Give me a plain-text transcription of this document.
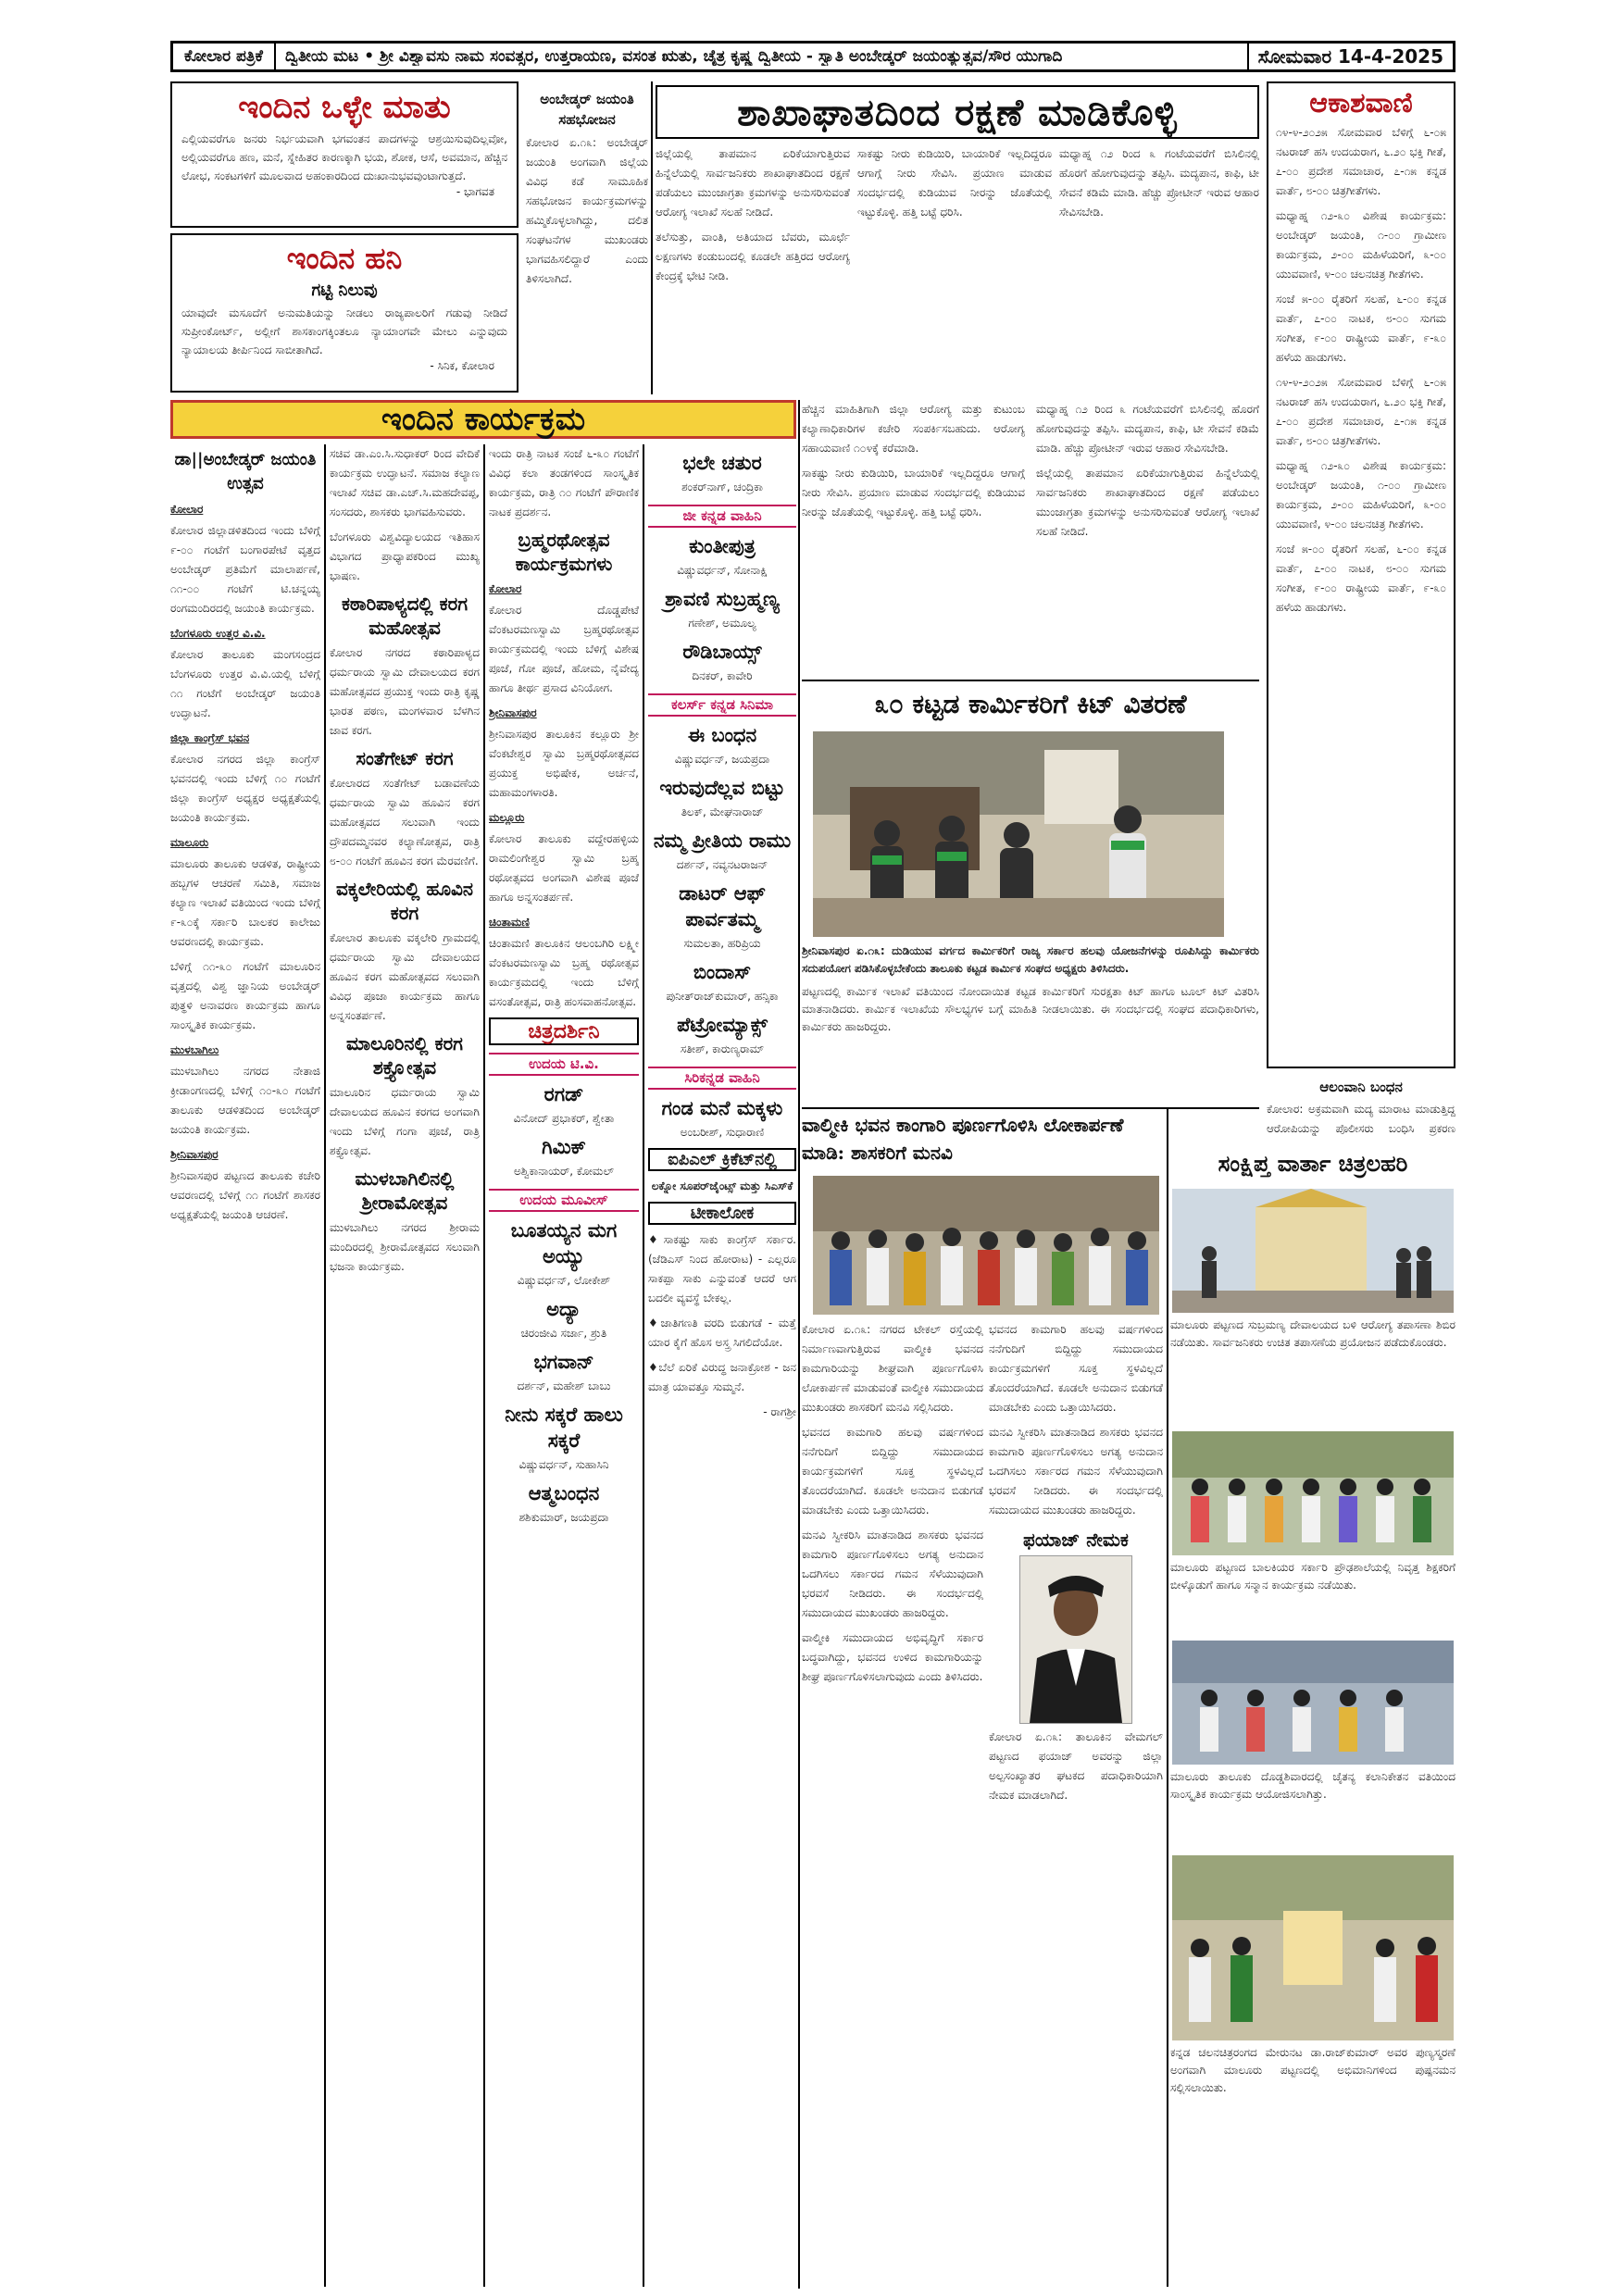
ಕೋಲಾರ ಪತ್ರಿಕೆ	ದ್ವಿತೀಯ ಮಟ • ಶ್ರೀ ವಿಶ್ವಾವಸು ನಾಮ ಸಂವತ್ಸರ, ಉತ್ತರಾಯಣ, ವಸಂತ ಋತು, ಚೈತ್ರ ಕೃಷ್ಣ ದ್ವಿತೀಯ - ಸ್ವಾತಿ ಅಂಬೇಡ್ಕರ್ ಜಯಂತ್ಯುತ್ಸವ/ಸೌರ ಯುಗಾದಿ	ಸೋಮವಾರ 14-4-2025
ಇಂದಿನ ಒಳ್ಳೇ ಮಾತು
ಎಲ್ಲಿಯವರೆಗೂ ಜನರು ನಿರ್ಭಯವಾಗಿ ಭಗವಂತನ ಪಾದಗಳನ್ನು ಆಶ್ರಯಿಸುವುದಿಲ್ಲವೋ, ಅಲ್ಲಿಯವರೆಗೂ ಹಣ, ಮನೆ, ಸ್ನೇಹಿತರ ಕಾರಣಕ್ಕಾಗಿ ಭಯ, ಶೋಕ, ಆಸೆ, ಅವಮಾನ, ಹೆಚ್ಚಿನ ಲೋಭ, ಸಂಕಟಗಳಿಗೆ ಮೂಲವಾದ ಅಹಂಕಾರದಿಂದ ದುಃಖಾನುಭವವುಂಟಾಗುತ್ತದೆ.
- ಭಾಗವತ
ಇಂದಿನ ಹನಿ
ಗಟ್ಟಿ ನಿಲುವು
ಯಾವುದೇ ಮಸೂದೆಗೆ ಅನುಮತಿಯನ್ನು ನೀಡಲು ರಾಜ್ಯಪಾಲರಿಗೆ ಗಡುವು ನೀಡಿದೆ ಸುಪ್ರೀಂಕೋರ್ಟ್, ಅಲ್ಲೀಗೆ ಶಾಸಕಾಂಗಕ್ಕಿಂತಲೂ ನ್ಯಾಯಾಂಗವೇ ಮೇಲು ಎನ್ನುವುದು ನ್ಯಾಯಾಲಯ ತೀರ್ಪಿನಿಂದ ಸಾಬೀತಾಗಿದೆ.
- ಸಿನಿಕ, ಕೋಲಾರ
ಅಂಬೇಡ್ಕರ್ ಜಯಂತಿ ಸಹಭೋಜನ

ಕೋಲಾರ ಏ.೧೩: ಅಂಬೇಡ್ಕರ್ ಜಯಂತಿ ಅಂಗವಾಗಿ ಜಿಲ್ಲೆಯ ವಿವಿಧ ಕಡೆ ಸಾಮೂಹಿಕ ಸಹಭೋಜನ ಕಾರ್ಯಕ್ರಮಗಳನ್ನು ಹಮ್ಮಿಕೊಳ್ಳಲಾಗಿದ್ದು, ದಲಿತ ಸಂಘಟನೆಗಳ ಮುಖಂಡರು ಭಾಗವಹಿಸಲಿದ್ದಾರೆ ಎಂದು ತಿಳಿಸಲಾಗಿದೆ.

ಶಾಖಾಘಾತದಿಂದ ರಕ್ಷಣೆ ಮಾಡಿಕೊಳ್ಳಿ

ಜಿಲ್ಲೆಯಲ್ಲಿ ತಾಪಮಾನ ಏರಿಕೆಯಾಗುತ್ತಿರುವ ಹಿನ್ನೆಲೆಯಲ್ಲಿ ಸಾರ್ವಜನಿಕರು ಶಾಖಾಘಾತದಿಂದ ರಕ್ಷಣೆ ಪಡೆಯಲು ಮುಂಜಾಗ್ರತಾ ಕ್ರಮಗಳನ್ನು ಅನುಸರಿಸುವಂತೆ ಆರೋಗ್ಯ ಇಲಾಖೆ ಸಲಹೆ ನೀಡಿದೆ.

ತಲೆಸುತ್ತು, ವಾಂತಿ, ಅತಿಯಾದ ಬೆವರು, ಮೂರ್ಛೆ ಲಕ್ಷಣಗಳು ಕಂಡುಬಂದಲ್ಲಿ ಕೂಡಲೇ ಹತ್ತಿರದ ಆರೋಗ್ಯ ಕೇಂದ್ರಕ್ಕೆ ಭೇಟಿ ನೀಡಿ.

ಸಾಕಷ್ಟು ನೀರು ಕುಡಿಯಿರಿ, ಬಾಯಾರಿಕೆ ಇಲ್ಲದಿದ್ದರೂ ಆಗಾಗ್ಗೆ ನೀರು ಸೇವಿಸಿ. ಪ್ರಯಾಣ ಮಾಡುವ ಸಂದರ್ಭದಲ್ಲಿ ಕುಡಿಯುವ ನೀರನ್ನು ಜೊತೆಯಲ್ಲಿ ಇಟ್ಟುಕೊಳ್ಳಿ. ಹತ್ತಿ ಬಟ್ಟೆ ಧರಿಸಿ.

ಮಧ್ಯಾಹ್ನ ೧೨ ರಿಂದ ೩ ಗಂಟೆಯವರೆಗೆ ಬಿಸಿಲಿನಲ್ಲಿ ಹೊರಗೆ ಹೋಗುವುದನ್ನು ತಪ್ಪಿಸಿ. ಮದ್ಯಪಾನ, ಕಾಫಿ, ಟೀ ಸೇವನೆ ಕಡಿಮೆ ಮಾಡಿ. ಹೆಚ್ಚು ಪ್ರೋಟೀನ್ ಇರುವ ಆಹಾರ ಸೇವಿಸಬೇಡಿ.

ಹೆಚ್ಚಿನ ಮಾಹಿತಿಗಾಗಿ ಜಿಲ್ಲಾ ಆರೋಗ್ಯ ಮತ್ತು ಕುಟುಂಬ ಕಲ್ಯಾಣಾಧಿಕಾರಿಗಳ ಕಚೇರಿ ಸಂಪರ್ಕಿಸಬಹುದು. ಆರೋಗ್ಯ ಸಹಾಯವಾಣಿ ೧೦೪ಕ್ಕೆ ಕರೆಮಾಡಿ.

ಸಾಕಷ್ಟು ನೀರು ಕುಡಿಯಿರಿ, ಬಾಯಾರಿಕೆ ಇಲ್ಲದಿದ್ದರೂ ಆಗಾಗ್ಗೆ ನೀರು ಸೇವಿಸಿ. ಪ್ರಯಾಣ ಮಾಡುವ ಸಂದರ್ಭದಲ್ಲಿ ಕುಡಿಯುವ ನೀರನ್ನು ಜೊತೆಯಲ್ಲಿ ಇಟ್ಟುಕೊಳ್ಳಿ. ಹತ್ತಿ ಬಟ್ಟೆ ಧರಿಸಿ.

ಮಧ್ಯಾಹ್ನ ೧೨ ರಿಂದ ೩ ಗಂಟೆಯವರೆಗೆ ಬಿಸಿಲಿನಲ್ಲಿ ಹೊರಗೆ ಹೋಗುವುದನ್ನು ತಪ್ಪಿಸಿ. ಮದ್ಯಪಾನ, ಕಾಫಿ, ಟೀ ಸೇವನೆ ಕಡಿಮೆ ಮಾಡಿ. ಹೆಚ್ಚು ಪ್ರೋಟೀನ್ ಇರುವ ಆಹಾರ ಸೇವಿಸಬೇಡಿ.

ಜಿಲ್ಲೆಯಲ್ಲಿ ತಾಪಮಾನ ಏರಿಕೆಯಾಗುತ್ತಿರುವ ಹಿನ್ನೆಲೆಯಲ್ಲಿ ಸಾರ್ವಜನಿಕರು ಶಾಖಾಘಾತದಿಂದ ರಕ್ಷಣೆ ಪಡೆಯಲು ಮುಂಜಾಗ್ರತಾ ಕ್ರಮಗಳನ್ನು ಅನುಸರಿಸುವಂತೆ ಆರೋಗ್ಯ ಇಲಾಖೆ ಸಲಹೆ ನೀಡಿದೆ.

ಆಕಾಶವಾಣಿ

೧೪-೪-೨೦೨೫ ಸೋಮವಾರ ಬೆಳಿಗ್ಗೆ ೬-೦೫ ನಟರಾಜ್ ಹಸಿ ಉದಯರಾಗ, ೬.೨೦ ಭಕ್ತಿ ಗೀತೆ, ೭-೦೦ ಪ್ರದೇಶ ಸಮಾಚಾರ, ೭-೧೫ ಕನ್ನಡ ವಾರ್ತೆ, ೮-೦೦ ಚಿತ್ರಗೀತೆಗಳು.

ಮಧ್ಯಾಹ್ನ ೧೨-೩೦ ವಿಶೇಷ ಕಾರ್ಯಕ್ರಮ: ಅಂಬೇಡ್ಕರ್ ಜಯಂತಿ, ೧-೦೦ ಗ್ರಾಮೀಣ ಕಾರ್ಯಕ್ರಮ, ೨-೦೦ ಮಹಿಳೆಯರಿಗೆ, ೩-೦೦ ಯುವವಾಣಿ, ೪-೦೦ ಚಲನಚಿತ್ರ ಗೀತೆಗಳು.

ಸಂಜೆ ೫-೦೦ ರೈತರಿಗೆ ಸಲಹೆ, ೬-೦೦ ಕನ್ನಡ ವಾರ್ತೆ, ೭-೦೦ ನಾಟಕ, ೮-೦೦ ಸುಗಮ ಸಂಗೀತ, ೯-೦೦ ರಾಷ್ಟ್ರೀಯ ವಾರ್ತೆ, ೯-೩೦ ಹಳೆಯ ಹಾಡುಗಳು.

೧೪-೪-೨೦೨೫ ಸೋಮವಾರ ಬೆಳಿಗ್ಗೆ ೬-೦೫ ನಟರಾಜ್ ಹಸಿ ಉದಯರಾಗ, ೬.೨೦ ಭಕ್ತಿ ಗೀತೆ, ೭-೦೦ ಪ್ರದೇಶ ಸಮಾಚಾರ, ೭-೧೫ ಕನ್ನಡ ವಾರ್ತೆ, ೮-೦೦ ಚಿತ್ರಗೀತೆಗಳು.

ಮಧ್ಯಾಹ್ನ ೧೨-೩೦ ವಿಶೇಷ ಕಾರ್ಯಕ್ರಮ: ಅಂಬೇಡ್ಕರ್ ಜಯಂತಿ, ೧-೦೦ ಗ್ರಾಮೀಣ ಕಾರ್ಯಕ್ರಮ, ೨-೦೦ ಮಹಿಳೆಯರಿಗೆ, ೩-೦೦ ಯುವವಾಣಿ, ೪-೦೦ ಚಲನಚಿತ್ರ ಗೀತೆಗಳು.

ಸಂಜೆ ೫-೦೦ ರೈತರಿಗೆ ಸಲಹೆ, ೬-೦೦ ಕನ್ನಡ ವಾರ್ತೆ, ೭-೦೦ ನಾಟಕ, ೮-೦೦ ಸುಗಮ ಸಂಗೀತ, ೯-೦೦ ರಾಷ್ಟ್ರೀಯ ವಾರ್ತೆ, ೯-೩೦ ಹಳೆಯ ಹಾಡುಗಳು.

ಆಲಂವಾನಿ ಬಂಧನ

ಕೋಲಾರ: ಅಕ್ರಮವಾಗಿ ಮದ್ಯ ಮಾರಾಟ ಮಾಡುತ್ತಿದ್ದ ಆರೋಪಿಯನ್ನು ಪೊಲೀಸರು ಬಂಧಿಸಿ ಪ್ರಕರಣ

ಇಂದಿನ ಕಾರ್ಯಕ್ರಮ
ಡಾ||ಅಂಬೇಡ್ಕರ್ ಜಯಂತಿ ಉತ್ಸವ
ಕೋಲಾರ

ಕೋಲಾರ ಜಿಲ್ಲಾಡಳಿತದಿಂದ ಇಂದು ಬೆಳಿಗ್ಗೆ ೯-೦೦ ಗಂಟೆಗೆ ಬಂಗಾರಪೇಟೆ ವೃತ್ತದ ಅಂಬೇಡ್ಕರ್ ಪ್ರತಿಮೆಗೆ ಮಾಲಾರ್ಪಣೆ, ೧೧-೦೦ ಗಂಟೆಗೆ ಟಿ.ಚನ್ನಯ್ಯ ರಂಗಮಂದಿರದಲ್ಲಿ ಜಯಂತಿ ಕಾರ್ಯಕ್ರಮ.

ಬೆಂಗಳೂರು ಉತ್ತರ ವಿ.ವಿ.

ಕೋಲಾರ ತಾಲೂಕು ಮಂಗಸಂದ್ರದ ಬೆಂಗಳೂರು ಉತ್ತರ ವಿ.ವಿ.ಯಲ್ಲಿ ಬೆಳಿಗ್ಗೆ ೧೧ ಗಂಟೆಗೆ ಅಂಬೇಡ್ಕರ್ ಜಯಂತಿ ಉದ್ಘಾಟನೆ.

ಜಿಲ್ಲಾ ಕಾಂಗ್ರೆಸ್ ಭವನ

ಕೋಲಾರ ನಗರದ ಜಿಲ್ಲಾ ಕಾಂಗ್ರೆಸ್ ಭವನದಲ್ಲಿ ಇಂದು ಬೆಳಿಗ್ಗೆ ೧೦ ಗಂಟೆಗೆ ಜಿಲ್ಲಾ ಕಾಂಗ್ರೆಸ್ ಅಧ್ಯಕ್ಷರ ಅಧ್ಯಕ್ಷತೆಯಲ್ಲಿ ಜಯಂತಿ ಕಾರ್ಯಕ್ರಮ.

ಮಾಲೂರು

ಮಾಲೂರು ತಾಲೂಕು ಆಡಳಿತ, ರಾಷ್ಟ್ರೀಯ ಹಬ್ಬಗಳ ಆಚರಣೆ ಸಮಿತಿ, ಸಮಾಜ ಕಲ್ಯಾಣ ಇಲಾಖೆ ವತಿಯಿಂದ ಇಂದು ಬೆಳಿಗ್ಗೆ ೯-೩೦ಕ್ಕೆ ಸರ್ಕಾರಿ ಬಾಲಕರ ಕಾಲೇಜು ಆವರಣದಲ್ಲಿ ಕಾರ್ಯಕ್ರಮ.

ಬೆಳಿಗ್ಗೆ ೧೧-೩೦ ಗಂಟೆಗೆ ಮಾಲೂರಿನ ವೃತ್ತದಲ್ಲಿ ವಿಶ್ವ ಜ್ಞಾನಿಯ ಅಂಬೇಡ್ಕರ್ ಪುತ್ಥಳಿ ಅನಾವರಣ ಕಾರ್ಯಕ್ರಮ ಹಾಗೂ ಸಾಂಸ್ಕೃತಿಕ ಕಾರ್ಯಕ್ರಮ.

ಮುಳಬಾಗಿಲು

ಮುಳಬಾಗಿಲು ನಗರದ ನೇತಾಜಿ ಕ್ರೀಡಾಂಗಣದಲ್ಲಿ ಬೆಳಿಗ್ಗೆ ೧೦-೩೦ ಗಂಟೆಗೆ ತಾಲೂಕು ಆಡಳಿತದಿಂದ ಅಂಬೇಡ್ಕರ್ ಜಯಂತಿ ಕಾರ್ಯಕ್ರಮ.

ಶ್ರೀನಿವಾಸಪುರ

ಶ್ರೀನಿವಾಸಪುರ ಪಟ್ಟಣದ ತಾಲೂಕು ಕಚೇರಿ ಆವರಣದಲ್ಲಿ ಬೆಳಿಗ್ಗೆ ೧೧ ಗಂಟೆಗೆ ಶಾಸಕರ ಅಧ್ಯಕ್ಷತೆಯಲ್ಲಿ ಜಯಂತಿ ಆಚರಣೆ.

ಸಚಿವ ಡಾ.ಎಂ.ಸಿ.ಸುಧಾಕರ್ ರಿಂದ ವೇದಿಕೆ ಕಾರ್ಯಕ್ರಮ ಉದ್ಘಾಟನೆ. ಸಮಾಜ ಕಲ್ಯಾಣ ಇಲಾಖೆ ಸಚಿವ ಡಾ.ಎಚ್.ಸಿ.ಮಹದೇವಪ್ಪ, ಸಂಸದರು, ಶಾಸಕರು ಭಾಗವಹಿಸುವರು.

ಬೆಂಗಳೂರು ವಿಶ್ವವಿದ್ಯಾಲಯದ ಇತಿಹಾಸ ವಿಭಾಗದ ಪ್ರಾಧ್ಯಾಪಕರಿಂದ ಮುಖ್ಯ ಭಾಷಣ.

ಕಠಾರಿಪಾಳ್ಯದಲ್ಲಿ ಕರಗ ಮಹೋತ್ಸವ

ಕೋಲಾರ ನಗರದ ಕಠಾರಿಪಾಳ್ಯದ ಧರ್ಮರಾಯ ಸ್ವಾಮಿ ದೇವಾಲಯದ ಕರಗ ಮಹೋತ್ಸವದ ಪ್ರಯುಕ್ತ ಇಂದು ರಾತ್ರಿ ಕೃಷ್ಣ ಭಾರತ ಪಠಣ, ಮಂಗಳವಾರ ಬೆಳಗಿನ ಜಾವ ಕರಗ.

ಸಂತೆಗೇಟ್ ಕರಗ

ಕೋಲಾರದ ಸಂತೆಗೇಟ್ ಬಡಾವಣೆಯ ಧರ್ಮರಾಯ ಸ್ವಾಮಿ ಹೂವಿನ ಕರಗ ಮಹೋತ್ಸವದ ಸಲುವಾಗಿ ಇಂದು ದ್ರೌಪದಮ್ಮನವರ ಕಲ್ಯಾಣೋತ್ಸವ, ರಾತ್ರಿ ೮-೦೦ ಗಂಟೆಗೆ ಹೂವಿನ ಕರಗ ಮೆರವಣಿಗೆ.

ವಕ್ಕಲೇರಿಯಲ್ಲಿ ಹೂವಿನ ಕರಗ

ಕೋಲಾರ ತಾಲೂಕು ವಕ್ಕಲೇರಿ ಗ್ರಾಮದಲ್ಲಿ ಧರ್ಮರಾಯ ಸ್ವಾಮಿ ದೇವಾಲಯದ ಹೂವಿನ ಕರಗ ಮಹೋತ್ಸವದ ಸಲುವಾಗಿ ವಿವಿಧ ಪೂಜಾ ಕಾರ್ಯಕ್ರಮ ಹಾಗೂ ಅನ್ನಸಂತರ್ಪಣೆ.

ಮಾಲೂರಿನಲ್ಲಿ ಕರಗ ಶಕ್ತ್ಯೋತ್ಸವ

ಮಾಲೂರಿನ ಧರ್ಮರಾಯ ಸ್ವಾಮಿ ದೇವಾಲಯದ ಹೂವಿನ ಕರಗದ ಅಂಗವಾಗಿ ಇಂದು ಬೆಳಿಗ್ಗೆ ಗಂಗಾ ಪೂಜೆ, ರಾತ್ರಿ ಶಕ್ತ್ಯೋತ್ಸವ.

ಮುಳಬಾಗಿಲಿನಲ್ಲಿ ಶ್ರೀರಾಮೋತ್ಸವ

ಮುಳಬಾಗಿಲು ನಗರದ ಶ್ರೀರಾಮ ಮಂದಿರದಲ್ಲಿ ಶ್ರೀರಾಮೋತ್ಸವದ ಸಲುವಾಗಿ ಭಜನಾ ಕಾರ್ಯಕ್ರಮ.

ಇಂದು ರಾತ್ರಿ ನಾಟಕ ಸಂಜೆ ೬-೩೦ ಗಂಟೆಗೆ ವಿವಿಧ ಕಲಾ ತಂಡಗಳಿಂದ ಸಾಂಸ್ಕೃತಿಕ ಕಾರ್ಯಕ್ರಮ, ರಾತ್ರಿ ೧೦ ಗಂಟೆಗೆ ಪೌರಾಣಿಕ ನಾಟಕ ಪ್ರದರ್ಶನ.

ಬ್ರಹ್ಮರಥೋತ್ಸವ ಕಾರ್ಯಕ್ರಮಗಳು
ಕೋಲಾರ

ಕೋಲಾರ ದೊಡ್ಡಪೇಟೆ ವೆಂಕಟರಮಣಸ್ವಾಮಿ ಬ್ರಹ್ಮರಥೋತ್ಸವ ಕಾರ್ಯಕ್ರಮದಲ್ಲಿ ಇಂದು ಬೆಳಿಗ್ಗೆ ವಿಶೇಷ ಪೂಜೆ, ಗೋ ಪೂಜೆ, ಹೋಮ, ನೈವೇದ್ಯ ಹಾಗೂ ತೀರ್ಥ ಪ್ರಸಾದ ವಿನಿಯೋಗ.

ಶ್ರೀನಿವಾಸಪುರ

ಶ್ರೀನಿವಾಸಪುರ ತಾಲೂಕಿನ ಕಲ್ಲೂರು ಶ್ರೀ ವೆಂಕಟೇಶ್ವರ ಸ್ವಾಮಿ ಬ್ರಹ್ಮರಥೋತ್ಸವದ ಪ್ರಯುಕ್ತ ಅಭಿಷೇಕ, ಅರ್ಚನೆ, ಮಹಾಮಂಗಳಾರತಿ.

ಮಲ್ಲೂರು

ಕೋಲಾರ ತಾಲೂಕು ವದ್ದೇರಹಳ್ಳಿಯ ರಾಮಲಿಂಗೇಶ್ವರ ಸ್ವಾಮಿ ಬ್ರಹ್ಮ ರಥೋತ್ಸವದ ಅಂಗವಾಗಿ ವಿಶೇಷ ಪೂಜೆ ಹಾಗೂ ಅನ್ನಸಂತರ್ಪಣೆ.

ಚಿಂತಾಮಣಿ

ಚಿಂತಾಮಣಿ ತಾಲೂಕಿನ ಆಲಂಬಗಿರಿ ಲಕ್ಷ್ಮೀ ವೆಂಕಟರಮಣಸ್ವಾಮಿ ಬ್ರಹ್ಮ ರಥೋತ್ಸವ ಕಾರ್ಯಕ್ರಮದಲ್ಲಿ ಇಂದು ಬೆಳಿಗ್ಗೆ ವಸಂತೋತ್ಸವ, ರಾತ್ರಿ ಹಂಸವಾಹನೋತ್ಸವ.

ಚಿತ್ರದರ್ಶಿನಿ
ಉದಯ ಟಿ.ವಿ.
ರಗಡ್

ವಿನೋದ್ ಪ್ರಭಾಕರ್, ಶ್ವೇತಾ

ಗಿಮಿಕ್

ಅಶ್ವಿಕಾನಾಯರ್, ಕೋಮಲ್

ಉದಯ ಮೂವೀಸ್
ಬೂತಯ್ಯನ ಮಗ ಅಯ್ಯು

ವಿಷ್ಣುವರ್ಧನ್, ಲೋಕೇಶ್

ಅದ್ಯಾ

ಚಿರಂಜೀವಿ ಸರ್ಜಾ, ಶ್ರುತಿ

ಭಗವಾನ್

ದರ್ಶನ್, ಮಹೇಶ್ ಬಾಬು

ನೀನು ಸಕ್ಕರೆ ಹಾಲು ಸಕ್ಕರೆ

ವಿಷ್ಣುವರ್ಧನ್, ಸುಹಾಸಿನಿ

ಆತ್ಮಬಂಧನ

ಶಶಿಕುಮಾರ್, ಜಯಪ್ರದಾ

ಭಲೇ ಚತುರ

ಶಂಕರ್‌ನಾಗ್, ಚಂದ್ರಿಕಾ

ಜೀ ಕನ್ನಡ ವಾಹಿನಿ
ಕುಂತೀಪುತ್ರ

ವಿಷ್ಣುವರ್ಧನ್, ಸೋನಾಕ್ಷಿ

ಶ್ರಾವಣಿ ಸುಬ್ರಹ್ಮಣ್ಯ

ಗಣೇಶ್, ಅಮೂಲ್ಯ

ರೌಡಿಬಾಯ್ಸ್

ದಿನಕರ್, ಕಾವೇರಿ

ಕಲರ್ಸ್ ಕನ್ನಡ ಸಿನಿಮಾ
ಈ ಬಂಧನ

ವಿಷ್ಣುವರ್ಧನ್, ಜಯಪ್ರದಾ

ಇರುವುದೆಲ್ಲವ ಬಿಟ್ಟು

ತಿಲಕ್, ಮೇಘನಾರಾಜ್

ನಮ್ಮ ಪ್ರೀತಿಯ ರಾಮು

ದರ್ಶನ್, ನವ್ಯನಟರಾಜನ್

ಡಾಟರ್ ಆಫ್ ಪಾರ್ವತಮ್ಮ

ಸುಮಲತಾ, ಹರಿಪ್ರಿಯ

ಬಿಂದಾಸ್

ಪುನೀತ್‌ರಾಜ್‌ಕುಮಾರ್, ಹನ್ಸಿಕಾ

ಪೆಟ್ರೋಮ್ಯಾಕ್ಸ್

ಸತೀಶ್, ಕಾರುಣ್ಯರಾಮ್

ಸಿರಿಕನ್ನಡ ವಾಹಿನಿ
ಗಂಡ ಮನೆ ಮಕ್ಕಳು

ಅಂಬರೀಶ್, ಸುಧಾರಾಣಿ

ಐಪಿಎಲ್ ಕ್ರಿಕೆಟ್‌ನಲ್ಲಿ

ಲಕ್ನೋ ಸೂಪರ್‌ಜೈಂಟ್ಸ್ ಮತ್ತು ಸಿಎಸ್‌ಕೆ

ಟೀಕಾಲೋಕ

♦ಸಾಕಷ್ಟು ಸಾಕು ಕಾಂಗ್ರೆಸ್ ಸರ್ಕಾರ. (ಜೆಡಿಎಸ್ ನಿಂದ ಹೋರಾಟ) - ಎಲ್ಲರೂ ಸಾಕಪ್ಪಾ ಸಾಕು ಎನ್ನುವಂತೆ ಆದರೆ ಆಗ ಬದಲೀ ವ್ಯವಸ್ಥೆ ಬೇಕಲ್ಲ.

♦ಜಾತಿಗಣತಿ ವರದಿ ಬಿಡುಗಡೆ - ಮತ್ತೆ ಯಾರ ಕೈಗೆ ಹೊಸ ಅಸ್ತ್ರ ಸಿಗಲಿದೆಯೋ.

♦ಬೆಲೆ ಏರಿಕೆ ವಿರುದ್ಧ ಜನಾಕ್ರೋಶ - ಜನ ಮಾತ್ರ ಯಾವತ್ತೂ ಸುಮ್ಮನೆ.

- ರಾಗಶ್ರೀ

೩೦ ಕಟ್ಟಡ ಕಾರ್ಮಿಕರಿಗೆ ಕಿಟ್ ವಿತರಣೆ

ಶ್ರೀನಿವಾಸಪುರ ಏ.೧೩: ದುಡಿಯುವ ವರ್ಗದ ಕಾರ್ಮಿಕರಿಗೆ ರಾಜ್ಯ ಸರ್ಕಾರ ಹಲವು ಯೋಜನೆಗಳನ್ನು ರೂಪಿಸಿದ್ದು ಕಾರ್ಮಿಕರು ಸದುಪಯೋಗ ಪಡಿಸಿಕೊಳ್ಳಬೇಕೆಂದು ತಾಲೂಕು ಕಟ್ಟಡ ಕಾರ್ಮಿಕ ಸಂಘದ ಅಧ್ಯಕ್ಷರು ತಿಳಿಸಿದರು.

ಪಟ್ಟಣದಲ್ಲಿ ಕಾರ್ಮಿಕ ಇಲಾಖೆ ವತಿಯಿಂದ ನೋಂದಾಯಿತ ಕಟ್ಟಡ ಕಾರ್ಮಿಕರಿಗೆ ಸುರಕ್ಷತಾ ಕಿಟ್ ಹಾಗೂ ಟೂಲ್ ಕಿಟ್ ವಿತರಿಸಿ ಮಾತನಾಡಿದರು. ಕಾರ್ಮಿಕ ಇಲಾಖೆಯ ಸೌಲಭ್ಯಗಳ ಬಗ್ಗೆ ಮಾಹಿತಿ ನೀಡಲಾಯಿತು. ಈ ಸಂದರ್ಭದಲ್ಲಿ ಸಂಘದ ಪದಾಧಿಕಾರಿಗಳು, ಕಾರ್ಮಿಕರು ಹಾಜರಿದ್ದರು.

ವಾಲ್ಮೀಕಿ ಭವನ ಕಾಂಗಾರಿ ಪೂರ್ಣಗೊಳಿಸಿ ಲೋಕಾರ್ಪಣೆ ಮಾಡಿ: ಶಾಸಕರಿಗೆ ಮನವಿ

ಕೋಲಾರ ಏ.೧೩: ನಗರದ ಟೇಕಲ್ ರಸ್ತೆಯಲ್ಲಿ ನಿರ್ಮಾಣವಾಗುತ್ತಿರುವ ವಾಲ್ಮೀಕಿ ಭವನದ ಕಾಮಗಾರಿಯನ್ನು ಶೀಘ್ರವಾಗಿ ಪೂರ್ಣಗೊಳಿಸಿ ಲೋಕಾರ್ಪಣೆ ಮಾಡುವಂತೆ ವಾಲ್ಮೀಕಿ ಸಮುದಾಯದ ಮುಖಂಡರು ಶಾಸಕರಿಗೆ ಮನವಿ ಸಲ್ಲಿಸಿದರು.

ಭವನದ ಕಾಮಗಾರಿ ಹಲವು ವರ್ಷಗಳಿಂದ ನನೆಗುದಿಗೆ ಬಿದ್ದಿದ್ದು ಸಮುದಾಯದ ಕಾರ್ಯಕ್ರಮಗಳಿಗೆ ಸೂಕ್ತ ಸ್ಥಳವಿಲ್ಲದೆ ತೊಂದರೆಯಾಗಿದೆ. ಕೂಡಲೇ ಅನುದಾನ ಬಿಡುಗಡೆ ಮಾಡಬೇಕು ಎಂದು ಒತ್ತಾಯಿಸಿದರು.

ಮನವಿ ಸ್ವೀಕರಿಸಿ ಮಾತನಾಡಿದ ಶಾಸಕರು ಭವನದ ಕಾಮಗಾರಿ ಪೂರ್ಣಗೊಳಿಸಲು ಅಗತ್ಯ ಅನುದಾನ ಒದಗಿಸಲು ಸರ್ಕಾರದ ಗಮನ ಸೆಳೆಯುವುದಾಗಿ ಭರವಸೆ ನೀಡಿದರು. ಈ ಸಂದರ್ಭದಲ್ಲಿ ಸಮುದಾಯದ ಮುಖಂಡರು ಹಾಜರಿದ್ದರು.

ವಾಲ್ಮೀಕಿ ಸಮುದಾಯದ ಅಭಿವೃದ್ಧಿಗೆ ಸರ್ಕಾರ ಬದ್ಧವಾಗಿದ್ದು, ಭವನದ ಉಳಿದ ಕಾಮಗಾರಿಯನ್ನು ಶೀಘ್ರ ಪೂರ್ಣಗೊಳಿಸಲಾಗುವುದು ಎಂದು ತಿಳಿಸಿದರು.

ಭವನದ ಕಾಮಗಾರಿ ಹಲವು ವರ್ಷಗಳಿಂದ ನನೆಗುದಿಗೆ ಬಿದ್ದಿದ್ದು ಸಮುದಾಯದ ಕಾರ್ಯಕ್ರಮಗಳಿಗೆ ಸೂಕ್ತ ಸ್ಥಳವಿಲ್ಲದೆ ತೊಂದರೆಯಾಗಿದೆ. ಕೂಡಲೇ ಅನುದಾನ ಬಿಡುಗಡೆ ಮಾಡಬೇಕು ಎಂದು ಒತ್ತಾಯಿಸಿದರು.

ಮನವಿ ಸ್ವೀಕರಿಸಿ ಮಾತನಾಡಿದ ಶಾಸಕರು ಭವನದ ಕಾಮಗಾರಿ ಪೂರ್ಣಗೊಳಿಸಲು ಅಗತ್ಯ ಅನುದಾನ ಒದಗಿಸಲು ಸರ್ಕಾರದ ಗಮನ ಸೆಳೆಯುವುದಾಗಿ ಭರವಸೆ ನೀಡಿದರು. ಈ ಸಂದರ್ಭದಲ್ಲಿ ಸಮುದಾಯದ ಮುಖಂಡರು ಹಾಜರಿದ್ದರು.

ಫಯಾಜ್ ನೇಮಕ

ಕೋಲಾರ ಏ.೧೩: ತಾಲೂಕಿನ ವೇಮಗಲ್ ಪಟ್ಟಣದ ಫಯಾಜ್ ಅವರನ್ನು ಜಿಲ್ಲಾ ಅಲ್ಪಸಂಖ್ಯಾತರ ಘಟಕದ ಪದಾಧಿಕಾರಿಯಾಗಿ ನೇಮಕ ಮಾಡಲಾಗಿದೆ.

ಸಂಕ್ಷಿಪ್ತ ವಾರ್ತಾ ಚಿತ್ರಲಹರಿ

ಮಾಲೂರು ಪಟ್ಟಣದ ಸುಬ್ರಮಣ್ಯ ದೇವಾಲಯದ ಬಳಿ ಆರೋಗ್ಯ ತಪಾಸಣಾ ಶಿಬಿರ ನಡೆಯಿತು. ಸಾರ್ವಜನಿಕರು ಉಚಿತ ತಪಾಸಣೆಯ ಪ್ರಯೋಜನ ಪಡೆದುಕೊಂಡರು.

ಮಾಲೂರು ಪಟ್ಟಣದ ಬಾಲಕಿಯರ ಸರ್ಕಾರಿ ಪ್ರೌಢಶಾಲೆಯಲ್ಲಿ ನಿವೃತ್ತ ಶಿಕ್ಷಕರಿಗೆ ಬೀಳ್ಕೊಡುಗೆ ಹಾಗೂ ಸನ್ಮಾನ ಕಾರ್ಯಕ್ರಮ ನಡೆಯಿತು.

ಮಾಲೂರು ತಾಲೂಕು ದೊಡ್ಡಶಿವಾರದಲ್ಲಿ ಚೈತನ್ಯ ಕಲಾನಿಕೇತನ ವತಿಯಿಂದ ಸಾಂಸ್ಕೃತಿಕ ಕಾರ್ಯಕ್ರಮ ಆಯೋಜಿಸಲಾಗಿತ್ತು.

ಕನ್ನಡ ಚಲನಚಿತ್ರರಂಗದ ಮೇರುನಟ ಡಾ.ರಾಜ್‌ಕುಮಾರ್ ಅವರ ಪುಣ್ಯಸ್ಮರಣೆ ಅಂಗವಾಗಿ ಮಾಲೂರು ಪಟ್ಟಣದಲ್ಲಿ ಅಭಿಮಾನಿಗಳಿಂದ ಪುಷ್ಪನಮನ ಸಲ್ಲಿಸಲಾಯಿತು.
